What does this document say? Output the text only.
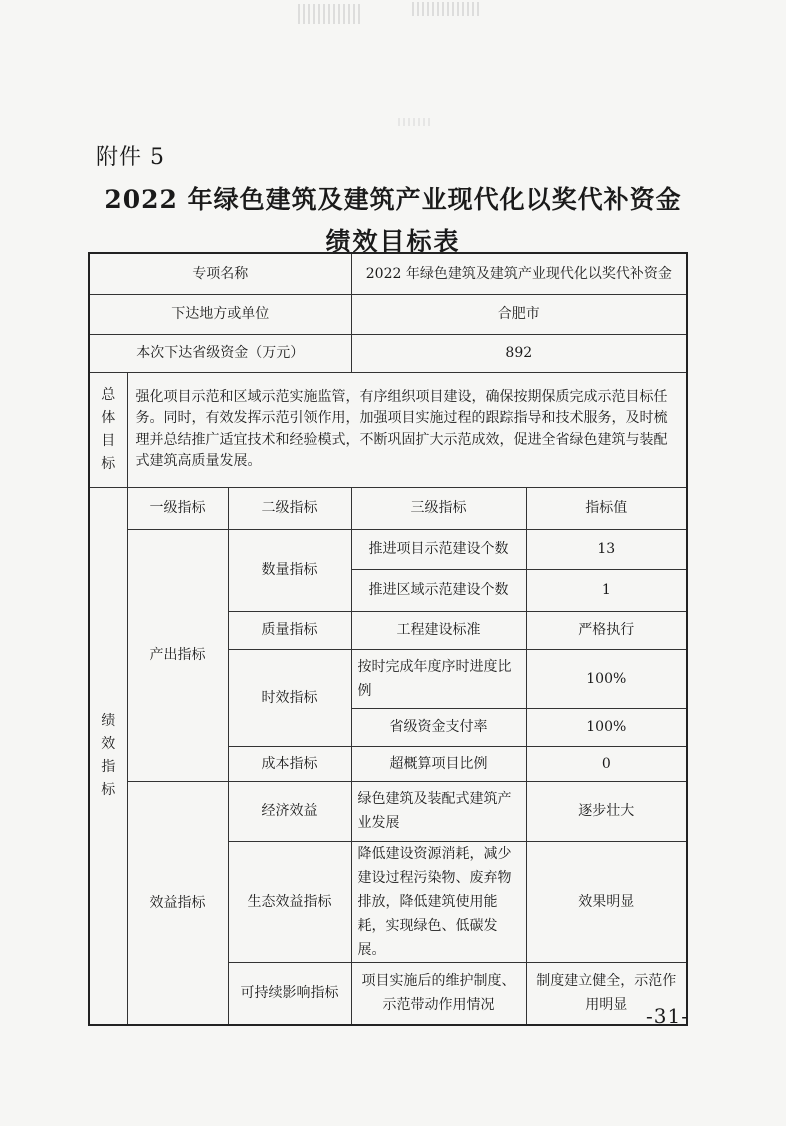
附件 5
2022 年绿色建筑及建筑产业现代化以奖代补资金
绩效目标表
专项名称			2022 年绿色建筑及建筑产业现代化以奖代补资金	
下达地方或单位			合肥市	
本次下达省级资金（万元）			892	
总
体
目
标	强化项目示范和区域示范实施监管，有序组织项目建设，确保按期保质完成示范目标任务。同时，有效发挥示范引领作用，加强项目实施过程的跟踪指导和技术服务，及时梳理并总结推广适宜技术和经验模式，不断巩固扩大示范成效，促进全省绿色建筑与装配式建筑高质量发展。			
绩
效
指
标	一级指标	二级指标	三级指标	指标值
	产出指标	数量指标	推进项目示范建设个数	13
			推进区域示范建设个数	1
		质量指标	工程建设标准	严格执行
		时效指标	按时完成年度序时进度比例	100%
			省级资金支付率	100%
		成本指标	超概算项目比例	0
	效益指标	经济效益	绿色建筑及装配式建筑产业发展	逐步壮大
		生态效益指标	降低建设资源消耗，减少建设过程污染物、废弃物排放，降低建筑使用能耗，实现绿色、低碳发展。	效果明显
		可持续影响指标	项目实施后的维护制度、示范带动作用情况	制度建立健全，示范作用明显 -31-
